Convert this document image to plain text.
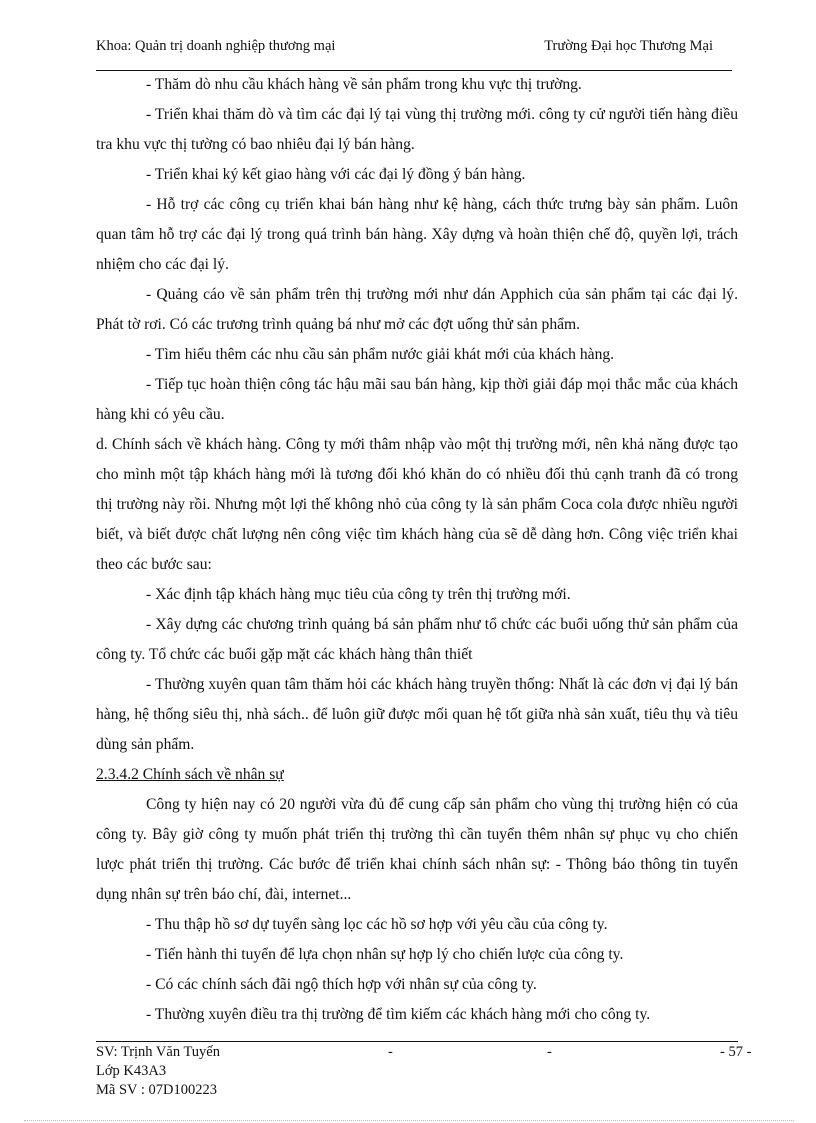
Khoa: Quản trị doanh nghiệp thương mại	Trường Đại học Thương Mại

- Thăm dò nhu cầu khách hàng về sản phẩm trong khu vực thị trường.

- Triển khai thăm dò và tìm các đại lý tại vùng thị trường mới. công ty cử người tiến hàng điều tra khu vực thị tường có bao nhiêu đại lý bán hàng.

- Triển khai ký kết giao hàng với các đại lý đồng ý bán hàng.

- Hỗ trợ các công cụ triển khai bán hàng như kệ hàng, cách thức trưng bày sản phẩm. Luôn quan tâm hỗ trợ các đại lý trong quá trình bán hàng. Xây dựng và hoàn thiện chế độ, quyền lợi, trách nhiệm cho các đại lý.

- Quảng cáo về sản phẩm trên thị trường mới như dán Apphich của sản phẩm tại các đại lý. Phát tờ rơi. Có các trương trình quảng bá như mở các đợt uống thử sản phẩm.

- Tìm hiểu thêm các nhu cầu sản phẩm nước giải khát mới của khách hàng.

- Tiếp tục hoàn thiện công tác hậu mãi sau bán hàng, kịp thời giải đáp mọi thắc mắc của khách hàng khi có yêu cầu.

d. Chính sách về khách hàng. Công ty mới thâm nhập vào một thị trường mới, nên khả năng được tạo cho mình một tập khách hàng mới là tương đối khó khăn do có nhiều đối thủ cạnh tranh đã có trong thị trường này rồi. Nhưng một lợi thế không nhỏ của công ty là sản phẩm Coca cola được nhiều người biết, và biết được chất lượng nên công việc tìm khách hàng của sẽ dễ dàng hơn. Công việc triển khai theo các bước sau:

- Xác định tập khách hàng mục tiêu của công ty trên thị trường mới.

- Xây dựng các chương trình quảng bá sản phẩm như tổ chức các buổi uống thử sản phẩm của công ty. Tổ chức các buổi gặp mặt các khách hàng thân thiết

- Thường xuyên quan tâm thăm hỏi các khách hàng truyền thống: Nhất là các đơn vị đại lý bán hàng, hệ thống siêu thị, nhà sách.. để luôn giữ được mối quan hệ tốt giữa nhà sản xuất, tiêu thụ và tiêu dùng sản phẩm.

2.3.4.2 Chính sách về nhân sự

Công ty hiện nay có 20 người vừa đủ để cung cấp sản phẩm cho vùng thị trường hiện có của công ty. Bây giờ công ty muốn phát triển thị trường thì cần tuyển thêm nhân sự phục vụ cho chiến lược phát triển thị trường. Các bước để triển khai chính sách nhân sự: - Thông báo thông tin tuyển dụng nhân sự trên báo chí, đài, internet...

- Thu thập hồ sơ dự tuyển sàng lọc các hồ sơ hợp với yêu cầu của công ty.

- Tiến hành thi tuyển để lựa chọn nhân sự hợp lý cho chiến lược của công ty.

- Có các chính sách đãi ngộ thích hợp với nhân sự của công ty.

- Thường xuyên điều tra thị trường để tìm kiếm các khách hàng mới cho công ty.

SV: Trịnh Văn Tuyến	-	-	- 57 -
Lớp K43A3
Mã SV : 07D100223
